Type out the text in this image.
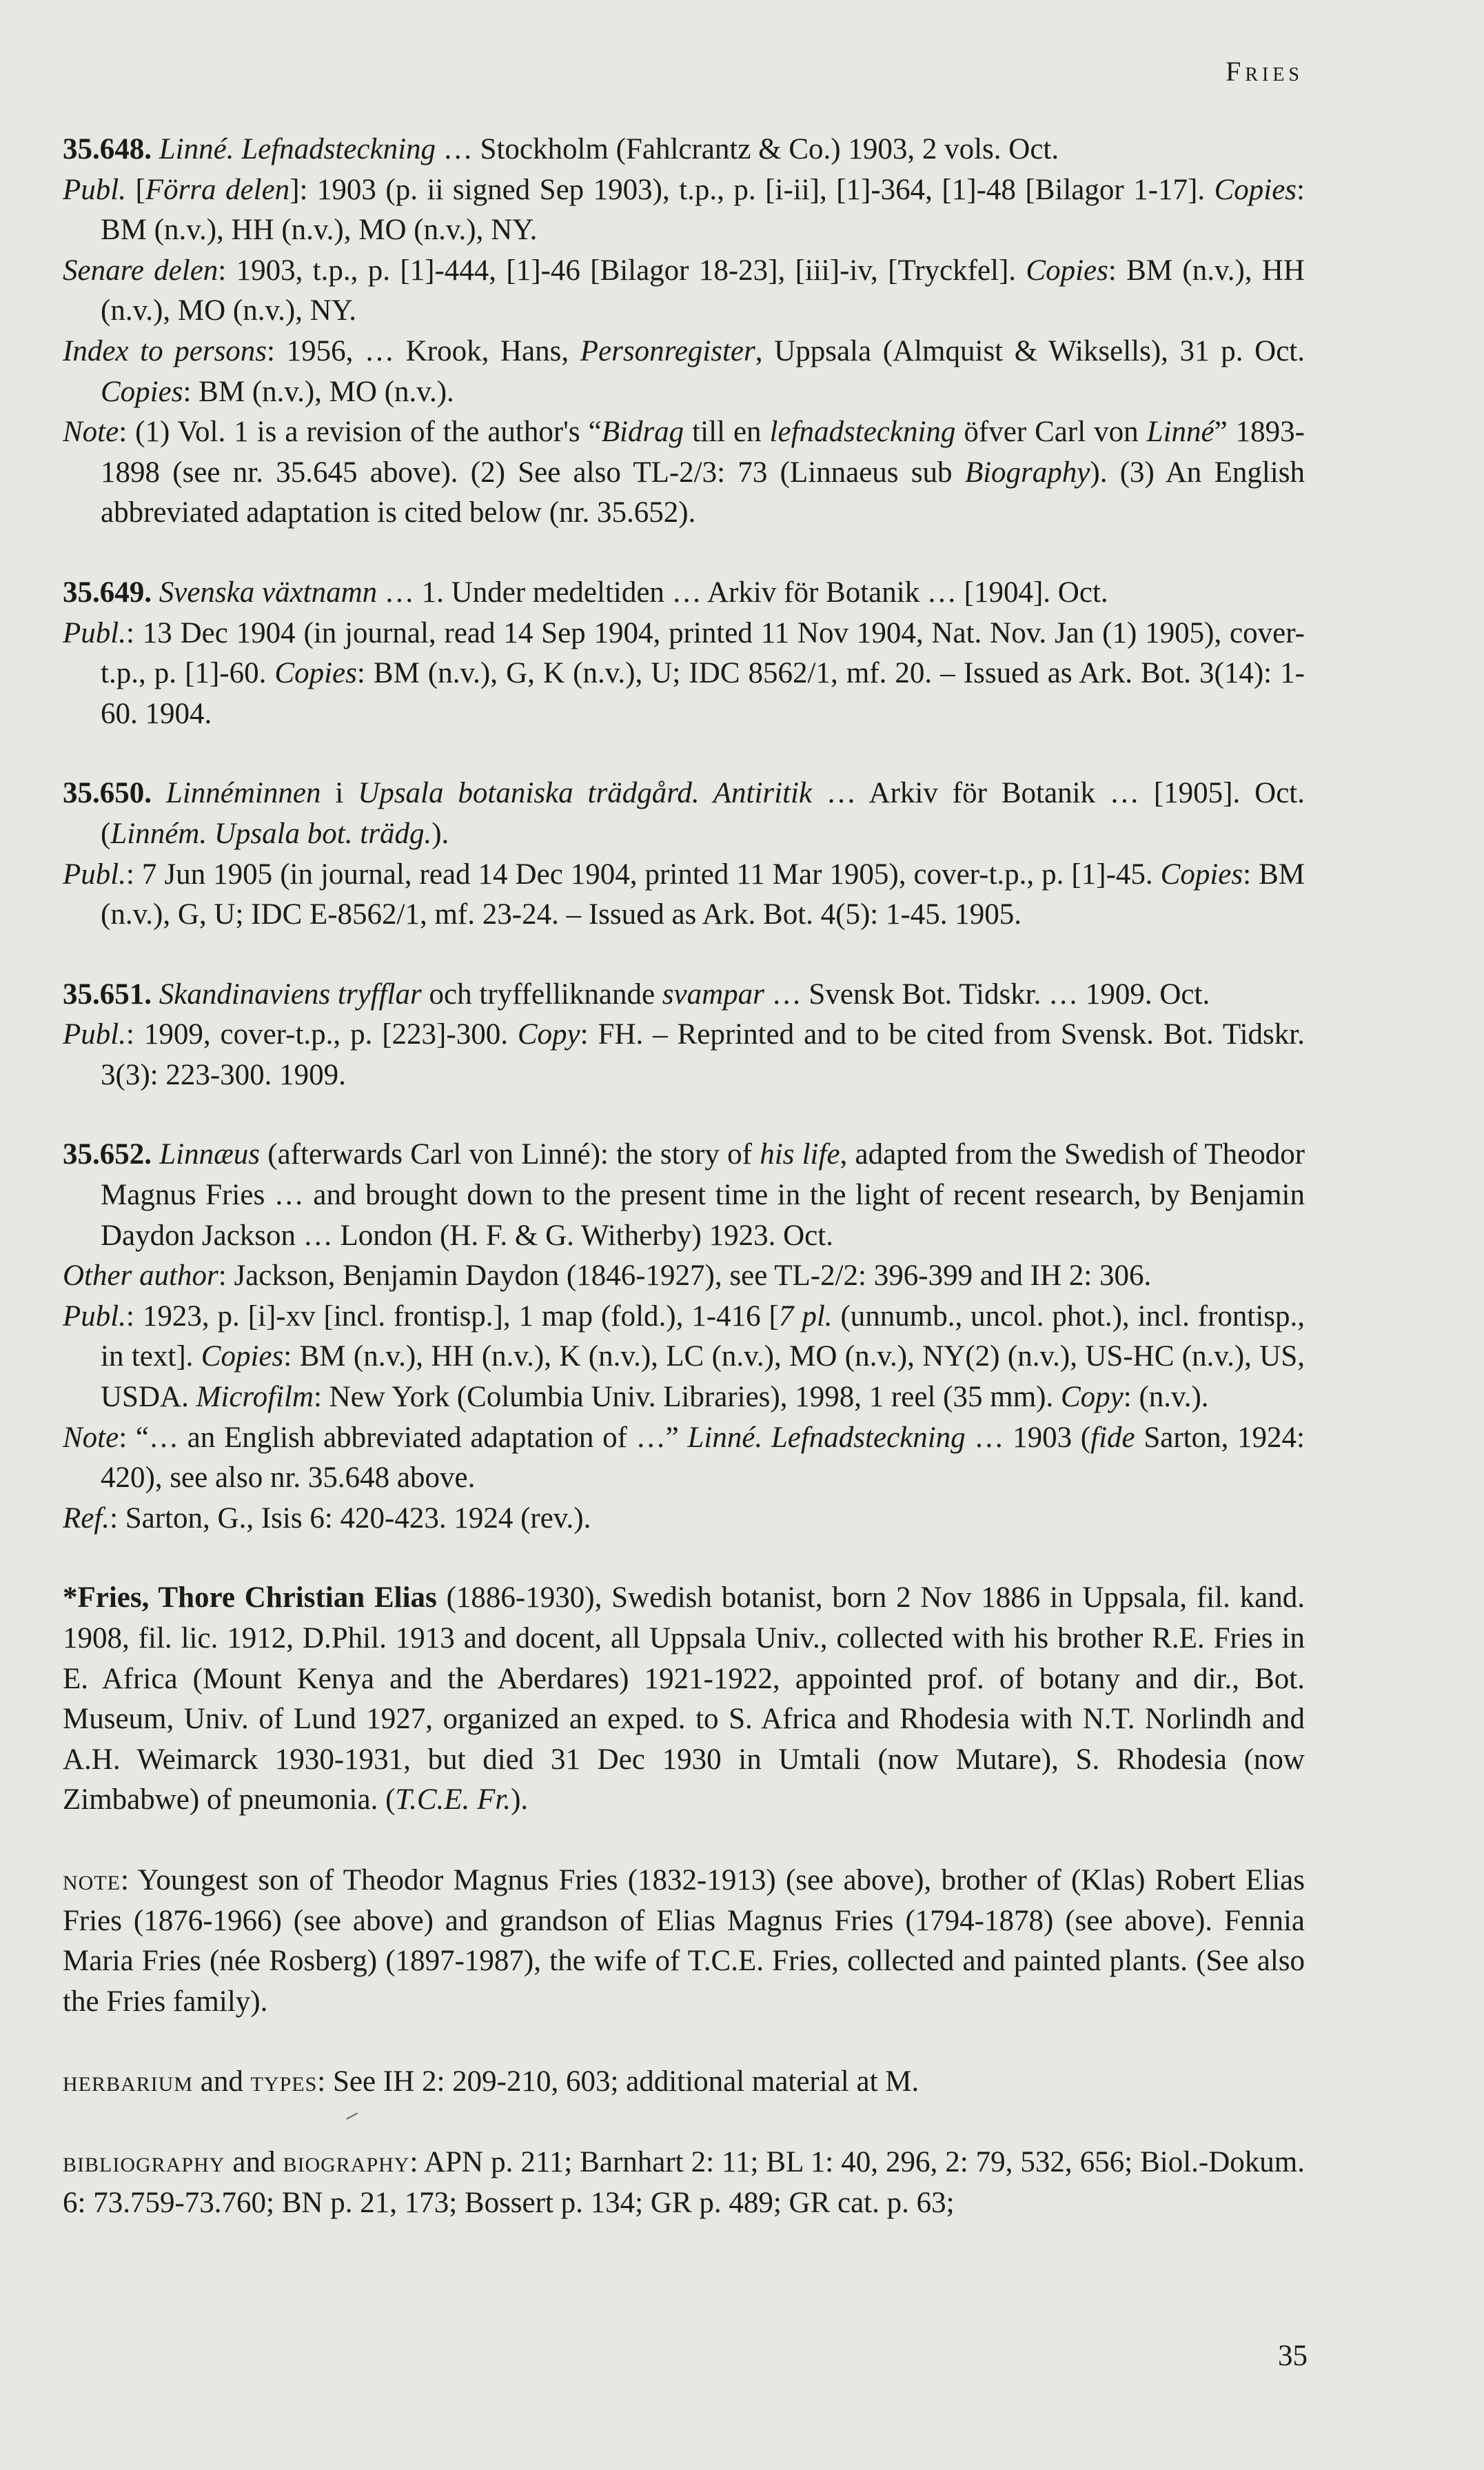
Fries

35.648. Linné. Lefnadsteckning … Stockholm (Fahlcrantz & Co.) 1903, 2 vols. Oct.

Publ. [Förra delen]: 1903 (p. ii signed Sep 1903), t.p., p. [i-ii], [1]-364, [1]-48 [Bilagor 1-17]. Copies: BM (n.v.), HH (n.v.), MO (n.v.), NY.

Senare delen: 1903, t.p., p. [1]-444, [1]-46 [Bilagor 18-23], [iii]-iv, [Tryckfel]. Copies: BM (n.v.), HH (n.v.), MO (n.v.), NY.

Index to persons: 1956, … Krook, Hans, Personregister, Uppsala (Almquist & Wiksells), 31 p. Oct. Copies: BM (n.v.), MO (n.v.).

Note: (1) Vol. 1 is a revision of the author's “Bidrag till en lefnadsteckning öfver Carl von Linné” 1893-1898 (see nr. 35.645 above). (2) See also TL-2/3: 73 (Linnaeus sub Biography). (3) An English abbreviated adaptation is cited below (nr. 35.652).

35.649. Svenska växtnamn … 1. Under medeltiden … Arkiv för Botanik … [1904]. Oct.

Publ.: 13 Dec 1904 (in journal, read 14 Sep 1904, printed 11 Nov 1904, Nat. Nov. Jan (1) 1905), cover-t.p., p. [1]-60. Copies: BM (n.v.), G, K (n.v.), U; IDC 8562/1, mf. 20. – Issued as Ark. Bot. 3(14): 1-60. 1904.

35.650. Linnéminnen i Upsala botaniska trädgård. Antiritik … Arkiv för Botanik … [1905]. Oct. (Linném. Upsala bot. trädg.).

Publ.: 7 Jun 1905 (in journal, read 14 Dec 1904, printed 11 Mar 1905), cover-t.p., p. [1]-45. Copies: BM (n.v.), G, U; IDC E-8562/1, mf. 23-24. – Issued as Ark. Bot. 4(5): 1-45. 1905.

35.651. Skandinaviens tryfflar och tryffelliknande svampar … Svensk Bot. Tidskr. … 1909. Oct.

Publ.: 1909, cover-t.p., p. [223]-300. Copy: FH. – Reprinted and to be cited from Svensk. Bot. Tidskr. 3(3): 223-300. 1909.

35.652. Linnæus (afterwards Carl von Linné): the story of his life, adapted from the Swedish of Theodor Magnus Fries … and brought down to the present time in the light of recent research, by Benjamin Daydon Jackson … London (H. F. & G. Witherby) 1923. Oct.

Other author: Jackson, Benjamin Daydon (1846-1927), see TL-2/2: 396-399 and IH 2: 306.

Publ.: 1923, p. [i]-xv [incl. frontisp.], 1 map (fold.), 1-416 [7 pl. (unnumb., uncol. phot.), incl. frontisp., in text]. Copies: BM (n.v.), HH (n.v.), K (n.v.), LC (n.v.), MO (n.v.), NY(2) (n.v.), US-HC (n.v.), US, USDA. Microfilm: New York (Columbia Univ. Libraries), 1998, 1 reel (35 mm). Copy: (n.v.).

Note: “… an English abbreviated adaptation of …” Linné. Lefnadsteckning … 1903 (fide Sarton, 1924: 420), see also nr. 35.648 above.

Ref.: Sarton, G., Isis 6: 420-423. 1924 (rev.).

*Fries, Thore Christian Elias (1886-1930), Swedish botanist, born 2 Nov 1886 in Uppsala, fil. kand. 1908, fil. lic. 1912, D.Phil. 1913 and docent, all Uppsala Univ., collected with his brother R.E. Fries in E. Africa (Mount Kenya and the Aberdares) 1921-1922, appointed prof. of botany and dir., Bot. Museum, Univ. of Lund 1927, organized an exped. to S. Africa and Rhodesia with N.T. Norlindh and A.H. Weimarck 1930-1931, but died 31 Dec 1930 in Umtali (now Mutare), S. Rhodesia (now Zimbabwe) of pneumonia. (T.C.E. Fr.).

note: Youngest son of Theodor Magnus Fries (1832-1913) (see above), brother of (Klas) Robert Elias Fries (1876-1966) (see above) and grandson of Elias Magnus Fries (1794-1878) (see above). Fennia Maria Fries (née Rosberg) (1897-1987), the wife of T.C.E. Fries, collected and painted plants. (See also the Fries family).

herbarium and types: See IH 2: 209-210, 603; additional material at M.

bibliography and biography: APN p. 211; Barnhart 2: 11; BL 1: 40, 296, 2: 79, 532, 656; Biol.-Dokum. 6: 73.759-73.760; BN p. 21, 173; Bossert p. 134; GR p. 489; GR cat. p. 63;

35
